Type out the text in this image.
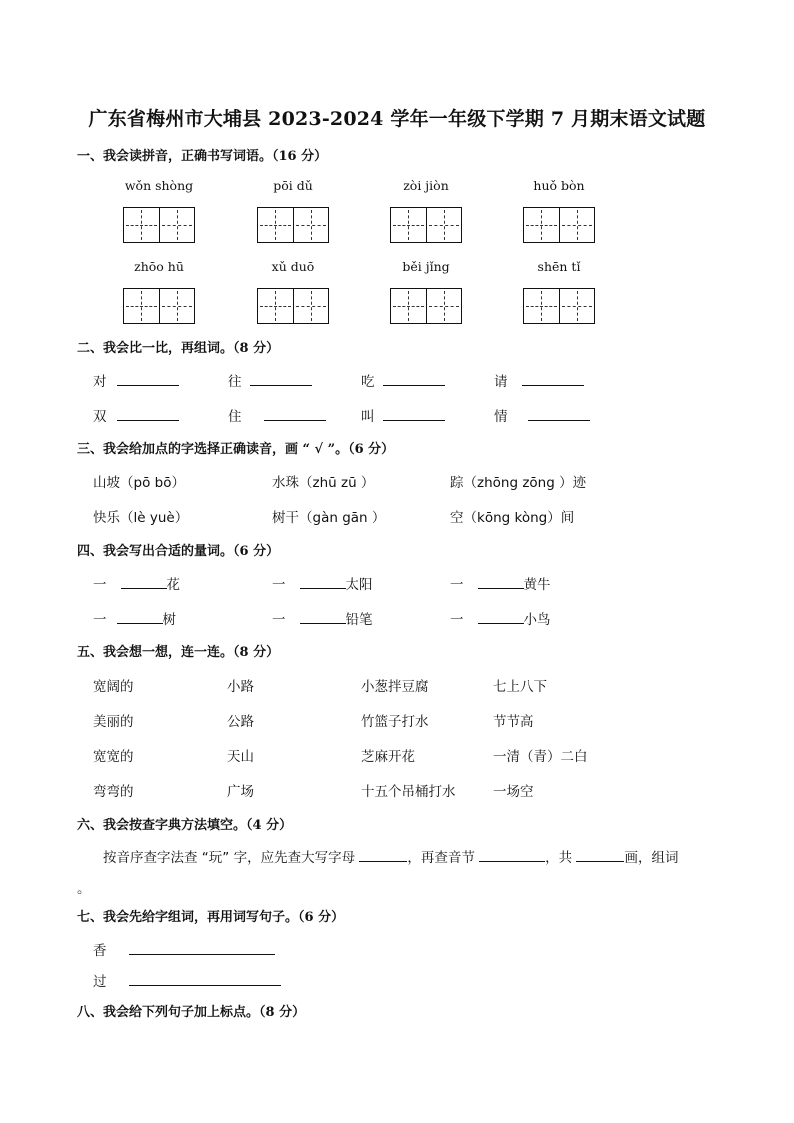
广东省梅州市大埔县 2023-2024 学年一年级下学期 7 月期末语文试题
一、我会读拼音，正确书写词语。（16 分）
wǒn shòng	pōi dǔ	zòi jiòn	huǒ bòn
zhōo hū	xǔ duō	běi jǐng	shēn tǐ
二、我会比一比，再组词。（8 分）
对	往	吃	请
双	住	叫	情
三、我会给加点的字选择正确读音，画 “ √ ”。（6 分）
山坡（pō bō）	水珠（zhū zū ）	踪（zhōng zōng ）迹
快乐（lè yuè）	树干（gàn gān ）	空（kōng kòng）间
四、我会写出合适的量词。（6 分）
一	花	一	太阳	一	黄牛
一	树	一	铅笔	一	小鸟
五、我会想一想，连一连。（8 分）
宽阔的	小路	小葱拌豆腐	七上八下
美丽的	公路	竹篮子打水	节节高
宽宽的	天山	芝麻开花	一清（青）二白
弯弯的	广场	十五个吊桶打水	一场空
六、我会按查字典方法填空。（4 分）
按音序查字法查 “玩” 字，应先查大写字母	，再查音节	，共	画，组词
。
七、我会先给字组词，再用词写句子。（6 分）
香
过
八、我会给下列句子加上标点。（8 分）
